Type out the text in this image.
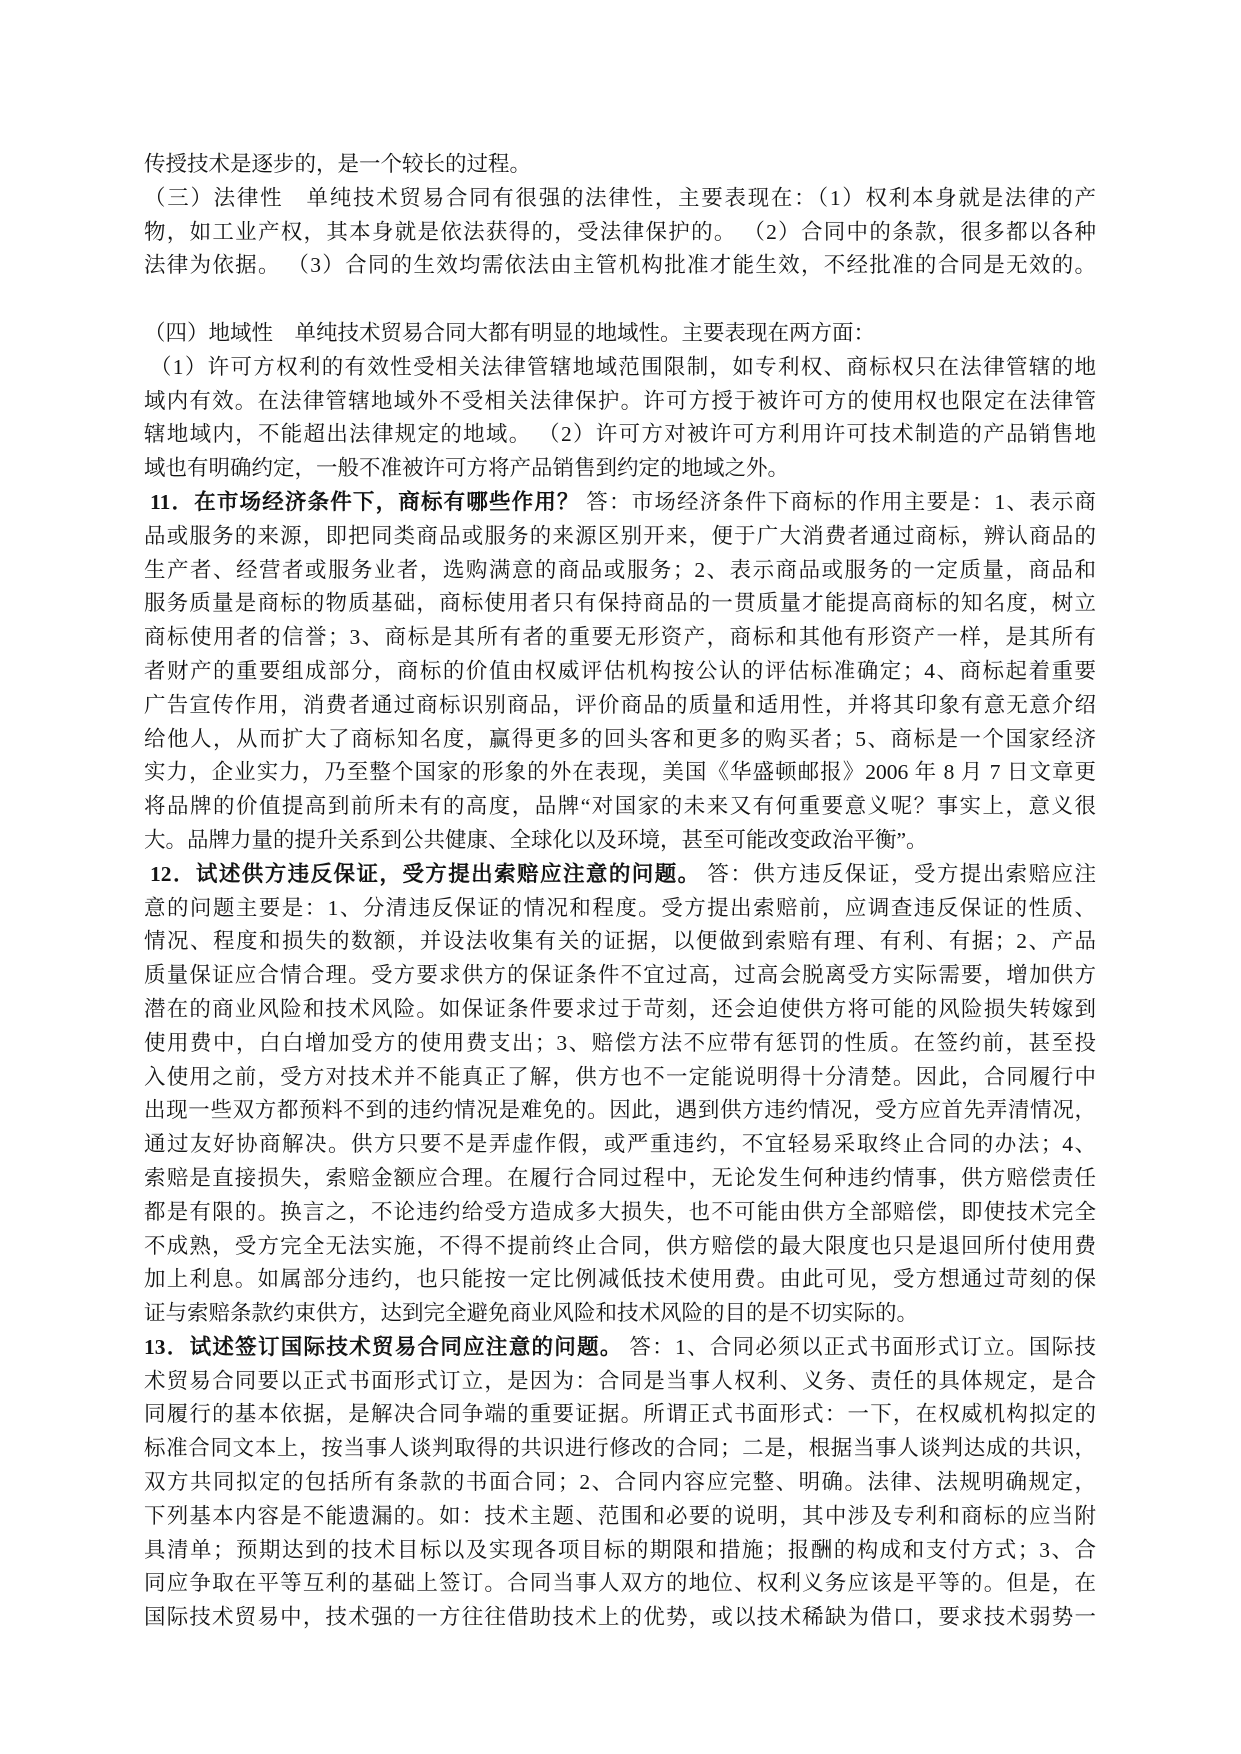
传授技术是逐步的，是一个较长的过程。
（三）法律性　单纯技术贸易合同有很强的法律性，主要表现在：（1）权利本身就是法律的产
物，如工业产权，其本身就是依法获得的，受法律保护的。 （2）合同中的条款，很多都以各种
法律为依据。 （3）合同的生效均需依法由主管机构批准才能生效，不经批准的合同是无效的。
（四）地域性　单纯技术贸易合同大都有明显的地域性。主要表现在两方面：
（1）许可方权利的有效性受相关法律管辖地域范围限制，如专利权、商标权只在法律管辖的地
域内有效。在法律管辖地域外不受相关法律保护。许可方授于被许可方的使用权也限定在法律管
辖地域内，不能超出法律规定的地域。 （2）许可方对被许可方利用许可技术制造的产品销售地
域也有明确约定，一般不准被许可方将产品销售到约定的地域之外。
11．在市场经济条件下，商标有哪些作用？ 答：市场经济条件下商标的作用主要是：1、表示商
品或服务的来源，即把同类商品或服务的来源区别开来，便于广大消费者通过商标，辨认商品的
生产者、经营者或服务业者，选购满意的商品或服务；2、表示商品或服务的一定质量，商品和
服务质量是商标的物质基础，商标使用者只有保持商品的一贯质量才能提高商标的知名度，树立
商标使用者的信誉；3、商标是其所有者的重要无形资产，商标和其他有形资产一样，是其所有
者财产的重要组成部分，商标的价值由权威评估机构按公认的评估标准确定；4、商标起着重要
广告宣传作用，消费者通过商标识别商品，评价商品的质量和适用性，并将其印象有意无意介绍
给他人，从而扩大了商标知名度，赢得更多的回头客和更多的购买者；5、商标是一个国家经济
实力，企业实力，乃至整个国家的形象的外在表现，美国《华盛顿邮报》2006 年 8 月 7 日文章更
将品牌的价值提高到前所未有的高度，品牌“对国家的未来又有何重要意义呢？事实上，意义很
大。品牌力量的提升关系到公共健康、全球化以及环境，甚至可能改变政治平衡”。
12．试述供方违反保证，受方提出索赔应注意的问题。 答：供方违反保证，受方提出索赔应注
意的问题主要是：1、分清违反保证的情况和程度。受方提出索赔前，应调查违反保证的性质、
情况、程度和损失的数额，并设法收集有关的证据，以便做到索赔有理、有利、有据；2、产品
质量保证应合情合理。受方要求供方的保证条件不宜过高，过高会脱离受方实际需要，增加供方
潜在的商业风险和技术风险。如保证条件要求过于苛刻，还会迫使供方将可能的风险损失转嫁到
使用费中，白白增加受方的使用费支出；3、赔偿方法不应带有惩罚的性质。在签约前，甚至投
入使用之前，受方对技术并不能真正了解，供方也不一定能说明得十分清楚。因此，合同履行中
出现一些双方都预料不到的违约情况是难免的。因此，遇到供方违约情况，受方应首先弄清情况，
通过友好协商解决。供方只要不是弄虚作假，或严重违约，不宜轻易采取终止合同的办法；4、
索赔是直接损失，索赔金额应合理。在履行合同过程中，无论发生何种违约情事，供方赔偿责任
都是有限的。换言之，不论违约给受方造成多大损失，也不可能由供方全部赔偿，即使技术完全
不成熟，受方完全无法实施，不得不提前终止合同，供方赔偿的最大限度也只是退回所付使用费
加上利息。如属部分违约，也只能按一定比例减低技术使用费。由此可见，受方想通过苛刻的保
证与索赔条款约束供方，达到完全避免商业风险和技术风险的目的是不切实际的。
13．试述签订国际技术贸易合同应注意的问题。 答：1、合同必须以正式书面形式订立。国际技
术贸易合同要以正式书面形式订立，是因为：合同是当事人权利、义务、责任的具体规定，是合
同履行的基本依据，是解决合同争端的重要证据。所谓正式书面形式：一下，在权威机构拟定的
标准合同文本上，按当事人谈判取得的共识进行修改的合同；二是，根据当事人谈判达成的共识，
双方共同拟定的包括所有条款的书面合同；2、合同内容应完整、明确。法律、法规明确规定，
下列基本内容是不能遗漏的。如：技术主题、范围和必要的说明，其中涉及专利和商标的应当附
具清单；预期达到的技术目标以及实现各项目标的期限和措施；报酬的构成和支付方式；3、合
同应争取在平等互利的基础上签订。合同当事人双方的地位、权利义务应该是平等的。但是，在
国际技术贸易中，技术强的一方往往借助技术上的优势，或以技术稀缺为借口，要求技术弱势一
